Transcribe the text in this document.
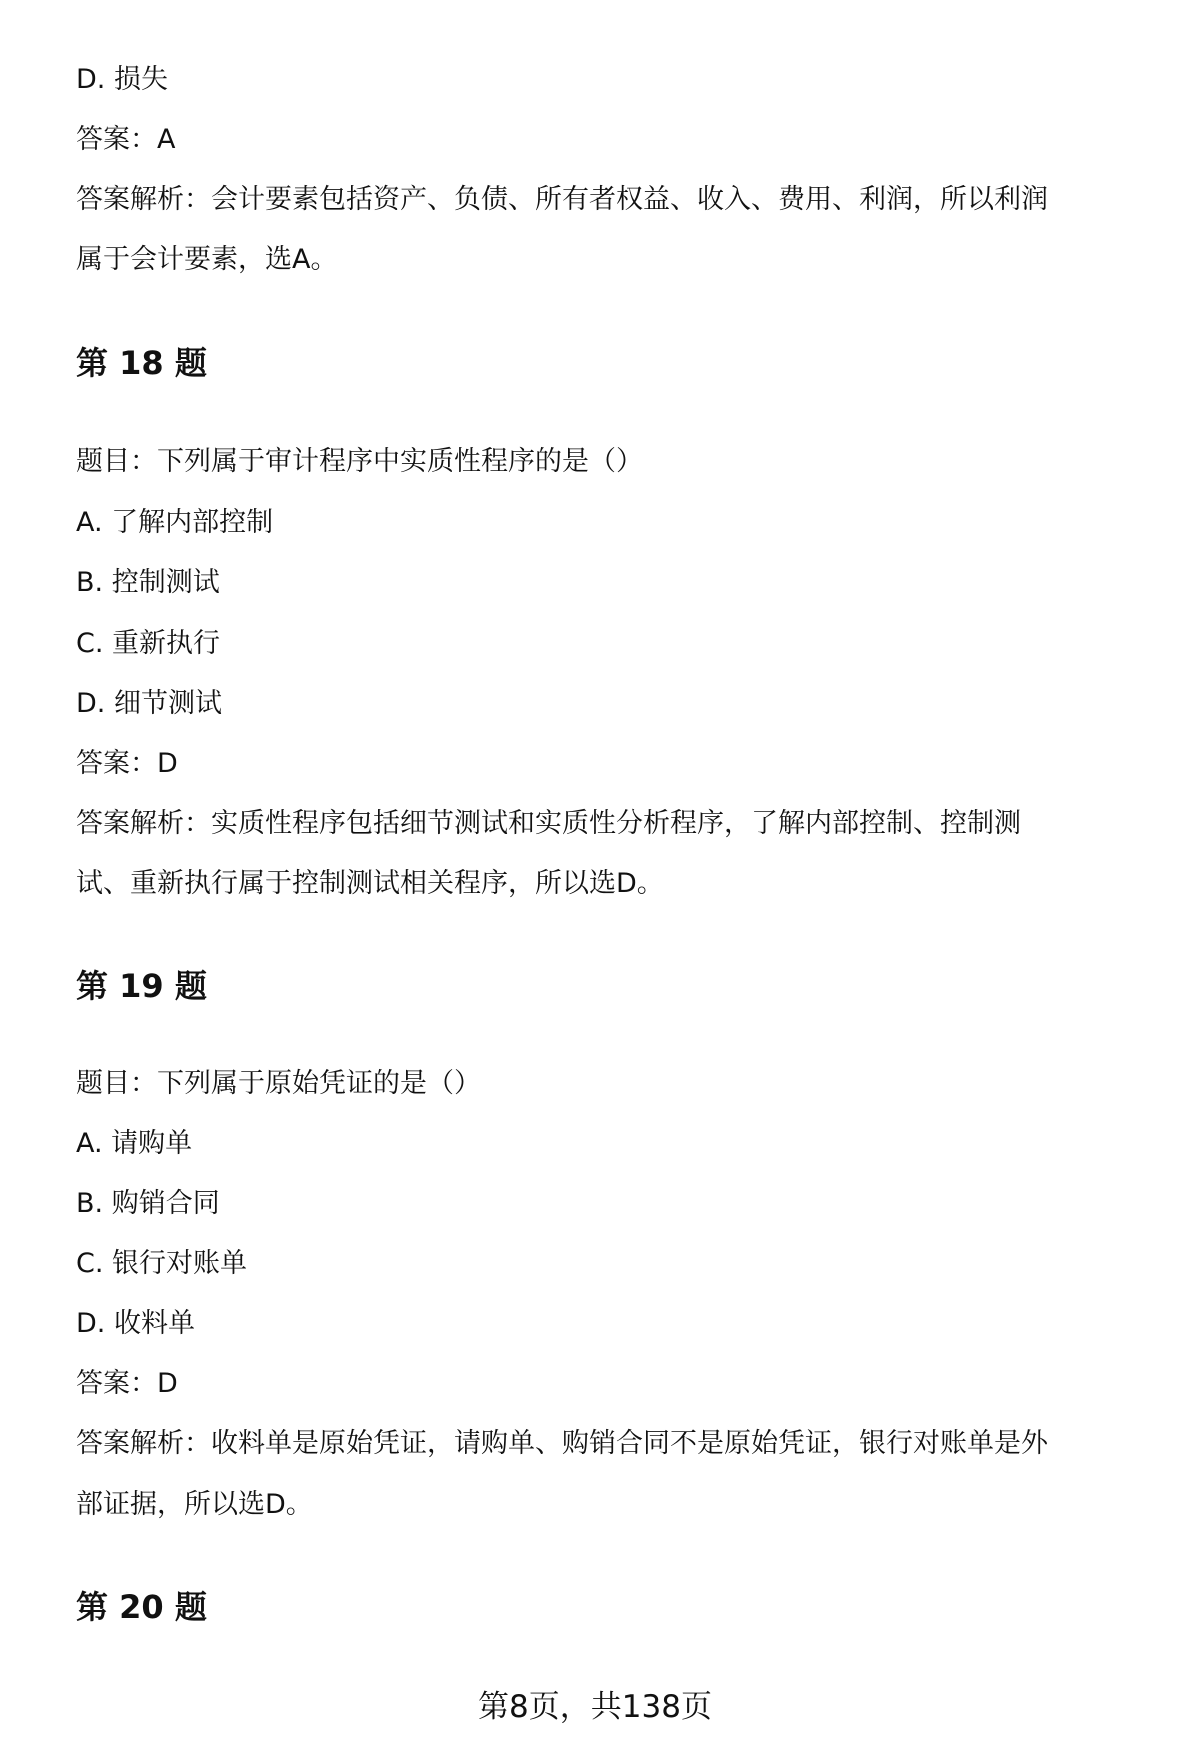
D. 损失

答案：A

答案解析：会计要素包括资产、负债、所有者权益、收入、费用、利润，所以利润

属于会计要素，选A。

第 18 题

题目：下列属于审计程序中实质性程序的是（）

A. 了解内部控制

B. 控制测试

C. 重新执行

D. 细节测试

答案：D

答案解析：实质性程序包括细节测试和实质性分析程序，了解内部控制、控制测

试、重新执行属于控制测试相关程序，所以选D。

第 19 题

题目：下列属于原始凭证的是（）

A. 请购单

B. 购销合同

C. 银行对账单

D. 收料单

答案：D

答案解析：收料单是原始凭证，请购单、购销合同不是原始凭证，银行对账单是外

部证据，所以选D。

第 20 题

第8页，共138页
